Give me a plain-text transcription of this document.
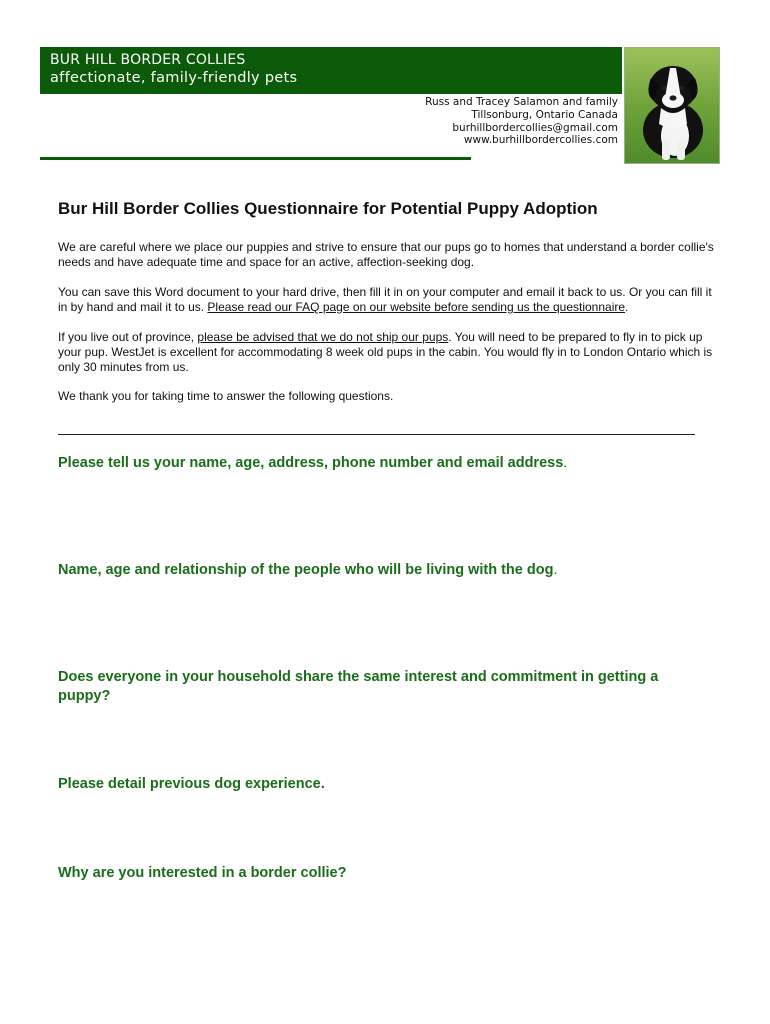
BUR HILL BORDER COLLIES
affectionate, family-friendly pets
Russ and Tracey Salamon and family
Tillsonburg, Ontario Canada
burhillbordercollies@gmail.com
www.burhillbordercollies.com
Bur Hill Border Collies Questionnaire for Potential Puppy Adoption
We are careful where we place our puppies and strive to ensure that our pups go to homes that understand a border collie's needs and have adequate time and space for an active, affection-seeking dog.
You can save this Word document to your hard drive, then fill it in on your computer and email it back to us. Or you can fill it in by hand and mail it to us. Please read our FAQ page on our website before sending us the questionnaire.
If you live out of province, please be advised that we do not ship our pups. You will need to be prepared to fly in to pick up your pup. WestJet is excellent for accommodating 8 week old pups in the cabin. You would fly in to London Ontario which is only 30 minutes from us.
We thank you for taking time to answer the following questions.
Please tell us your name, age, address, phone number and email address.
Name, age and relationship of the people who will be living with the dog.
Does everyone in your household share the same interest and commitment in getting a puppy?
Please detail previous dog experience.
Why are you interested in a border collie?
